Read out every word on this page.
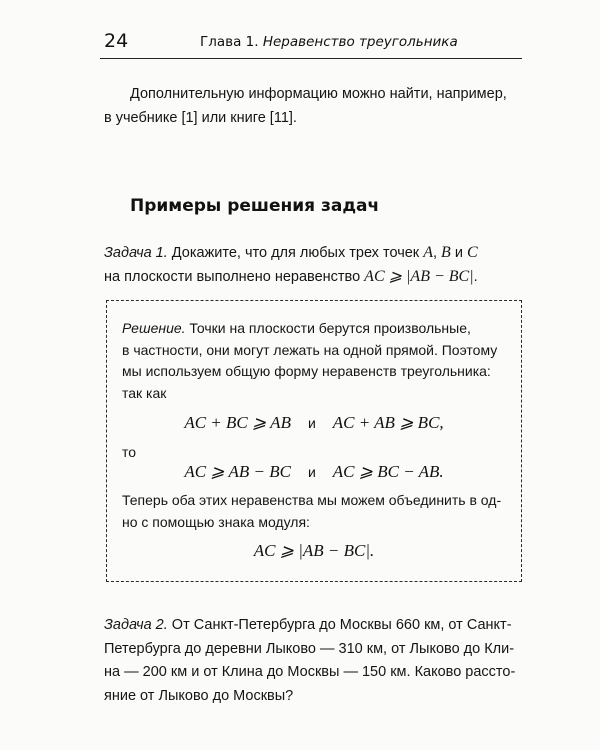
24	Глава 1. Неравенство треугольника
Дополнительную информацию можно найти, например,
в учебнике [1] или книге [11].
Примеры решения задач
Задача 1. Докажите, что для любых трех точек A, B и C
на плоскости выполнено неравенство AC ⩾ |AB − BC|.
Решение. Точки на плоскости берутся произвольные,
в частности, они могут лежать на одной прямой. Поэтому
мы используем общую форму неравенств треугольника:
так как
AC + BC ⩾ AB и AC + AB ⩾ BC,
то
AC ⩾ AB − BC и AC ⩾ BC − AB.
Теперь оба этих неравенства мы можем объединить в од-
но с помощью знака модуля:
AC ⩾ |AB − BC|.
Задача 2. От Санкт-Петербурга до Москвы 660 км, от Санкт-
Петербурга до деревни Лыково — 310 км, от Лыково до Кли-
на — 200 км и от Клина до Москвы — 150 км. Каково рассто-
яние от Лыково до Москвы?
